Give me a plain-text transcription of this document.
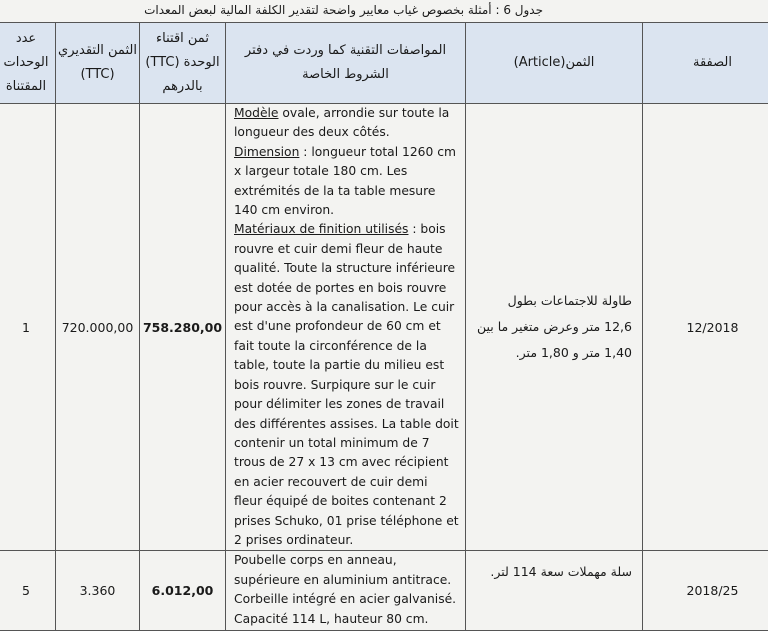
جدول 6 : أمثلة بخصوص غياب معايير واضحة لتقدير الكلفة المالية لبعض المعدات
عدد الوحدات المقتناة	الثمن التقديري (TTC)	ثمن اقتناء الوحدة (TTC) بالدرهم	المواصفات التقنية كما وردت في دفتر الشروط الخاصة	الثمن(Article)	الصفقة
1	720.000,00	758.280,00	Modèle ovale, arrondie sur toute la longueur des deux côtés.
Dimension : longueur total 1260 cm x largeur totale 180 cm. Les extrémités de la ta table mesure 140 cm environ.
Matériaux de finition utilisés : bois rouvre et cuir demi fleur de haute qualité. Toute la structure inférieure est dotée de portes en bois rouvre pour accès à la canalisation. Le cuir est d'une profondeur de 60 cm et fait toute la circonférence de la table, toute la partie du milieu est bois rouvre. Surpiqure sur le cuir pour délimiter les zones de travail des différentes assises. La table doit contenir un total minimum de 7 trous de 27 x 13 cm avec récipient en acier recouvert de cuir demi fleur équipé de boites contenant 2 prises Schuko, 01 prise téléphone et 2 prises ordinateur.	طاولة للاجتماعات بطول 12,6 متر وعرض متغير ما بين 1,40 متر و 1,80 متر.	12/2018
5	3.360	6.012,00	Poubelle corps en anneau, supérieure en aluminium antitrace.
Corbeille intégré en acier galvanisé.
Capacité 114 L, hauteur 80 cm.	سلة مهملات سعة 114 لتر.	2018/25
